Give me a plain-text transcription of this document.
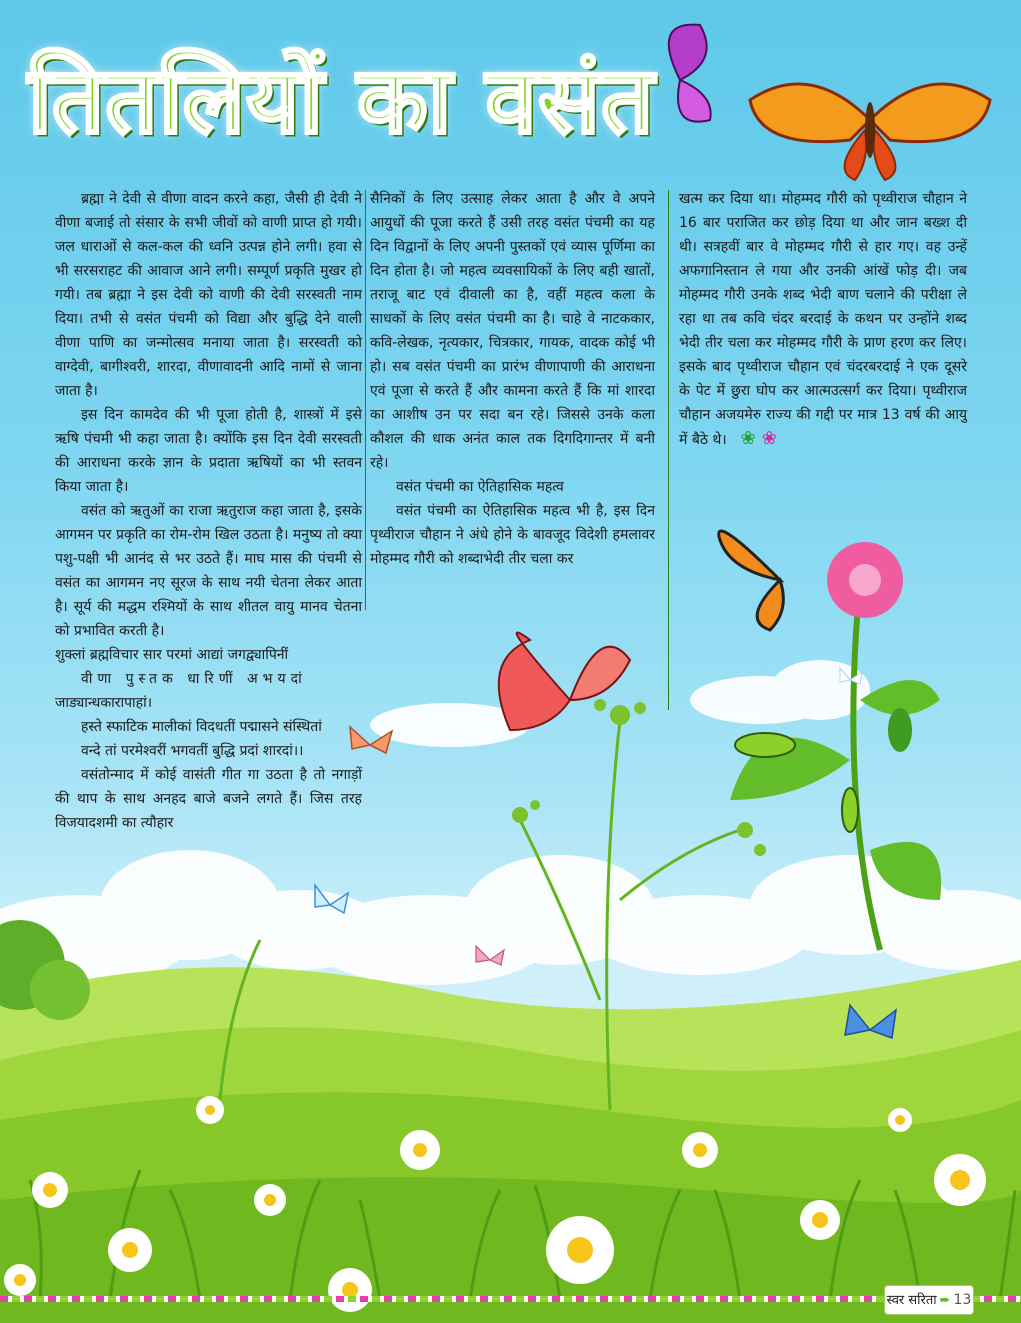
तितलियों का वसंत

ब्रह्मा ने देवी से वीणा वादन करने कहा, जैसी ही देवी ने वीणा बजाई तो संसार के सभी जीवों को वाणी प्राप्त हो गयी। जल धाराओं से कल-कल की ध्वनि उत्पन्न होने लगी। हवा से भी सरसराहट की आवाज आने लगी। सम्पूर्ण प्रकृति मुखर हो गयी। तब ब्रह्मा ने इस देवी को वाणी की देवी सरस्वती नाम दिया। तभी से वसंत पंचमी को विद्या और बुद्धि देने वाली वीणा पाणि का जन्मोत्सव मनाया जाता है। सरस्वती को वाग्देवी, बागीश्वरी, शारदा, वीणावादनी आदि नामों से जाना जाता है।

इस दिन कामदेव की भी पूजा होती है, शास्त्रों में इसे ऋषि पंचमी भी कहा जाता है। क्योंकि इस दिन देवी सरस्वती की आराधना करके ज्ञान के प्रदाता ऋषियों का भी स्तवन किया जाता है।

वसंत को ऋतुओं का राजा ऋतुराज कहा जाता है, इसके आगमन पर प्रकृति का रोम-रोम खिल उठता है। मनुष्य तो क्या पशु-पक्षी भी आनंद से भर उठते हैं। माघ मास की पंचमी से वसंत का आगमन नए सूरज के साथ नयी चेतना लेकर आता है। सूर्य की मद्धम रश्मियों के साथ शीतल वायु मानव चेतना को प्रभावित करती है।

शुक्लां ब्रह्मविचार सार परमां आद्यां जगद्व्यापिनीं

वीणा पुस्तक धारिणीं अभयदां

जाड्यान्धकारापाहां।

हस्ते स्फाटिक मालीकां विदधतीं पद्मासने संस्थितां

वन्दे तां परमेश्वरीं भगवतीं बुद्धि प्रदां शारदां।।

वसंतोन्माद में कोई वासंती गीत गा उठता है तो नगाड़ों की थाप के साथ अनहद बाजे बजने लगते हैं। जिस तरह विजयादशमी का त्यौहार

सैनिकों के लिए उत्साह लेकर आता है और वे अपने आयुधों की पूजा करते हैं उसी तरह वसंत पंचमी का यह दिन विद्वानों के लिए अपनी पुस्तकों एवं व्यास पूर्णिमा का दिन होता है। जो महत्व व्यवसायिकों के लिए बही खातों, तराजू बाट एवं दीवाली का है, वहीं महत्व कला के साधकों के लिए वसंत पंचमी का है। चाहे वे नाटककार, कवि-लेखक, नृत्यकार, चित्रकार, गायक, वादक कोई भी हो। सब वसंत पंचमी का प्रारंभ वीणापाणी की आराधना एवं पूजा से करते हैं और कामना करते हैं कि मां शारदा का आशीष उन पर सदा बन रहे। जिससे उनके कला कौशल की धाक अनंत काल तक दिगदिगान्तर में बनी रहे।

वसंत पंचमी का ऐतिहासिक महत्व

वसंत पंचमी का ऐतिहासिक महत्व भी है, इस दिन पृथ्वीराज चौहान ने अंधे होने के बावजूद विदेशी हमलावर मोहम्मद गौरी को शब्दाभेदी तीर चला कर

खत्म कर दिया था। मोहम्मद गौरी को पृथ्वीराज चौहान ने 16 बार पराजित कर छोड़ दिया था और जान बख्श दी थी। सत्रहवीं बार वे मोहम्मद गौरी से हार गए। वह उन्हें अफगानिस्तान ले गया और उनकी आंखें फोड़ दी। जब मोहम्मद गौरी उनके शब्द भेदी बाण चलाने की परीक्षा ले रहा था तब कवि चंदर बरदाई के कथन पर उन्होंने शब्द भेदी तीर चला कर मोहम्मद गौरी के प्राण हरण कर लिए। इसके बाद पृथ्वीराज चौहान एवं चंदरबरदाई ने एक दूसरे के पेट में छुरा घोप कर आत्मउत्सर्ग कर दिया। पृथ्वीराज चौहान अजयमेरु राज्य की गद्दी पर मात्र 13 वर्ष की आयु में बैठे थे। ❀ ❀

स्वर सरिता ➨ 13
